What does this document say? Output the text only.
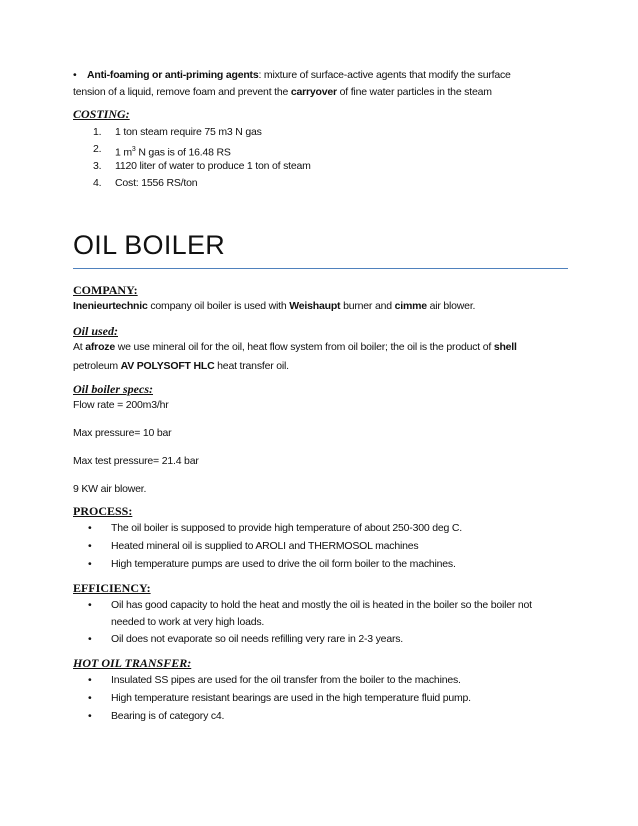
•	Anti-foaming or anti-priming agents: mixture of surface-active agents that modify the surface
tension of a liquid, remove foam and prevent the carryover of fine water particles in the steam
COSTING:
1.	1 ton steam require 75 m3 N gas
2.	1 $m^3$ N gas is of 16.48 RS
3.	1120 liter of water to produce 1 ton of steam
4.	Cost: 1556 RS/ton
OIL BOILER
COMPANY:
Inenieurtechnic company oil boiler is used with Weishaupt burner and cimme air blower.
Oil used:
At afroze we use mineral oil for the oil, heat flow system from oil boiler; the oil is the product of shell
petroleum AV POLYSOFT HLC heat transfer oil.
Oil boiler specs:
Flow rate = 200m3/hr
Max pressure= 10 bar
Max test pressure= 21.4 bar
9 KW air blower.
PROCESS:
•	The oil boiler is supposed to provide high temperature of about 250-300 deg C.
•	Heated mineral oil is supplied to AROLI and THERMOSOL machines
•	High temperature pumps are used to drive the oil form boiler to the machines.
EFFICIENCY:
•	Oil has good capacity to hold the heat and mostly the oil is heated in the boiler so the boiler not
needed to work at very high loads.
•	Oil does not evaporate so oil needs refilling very rare in 2-3 years.
HOT OIL TRANSFER:
•	Insulated SS pipes are used for the oil transfer from the boiler to the machines.
•	High temperature resistant bearings are used in the high temperature fluid pump.
•	Bearing is of category c4.
